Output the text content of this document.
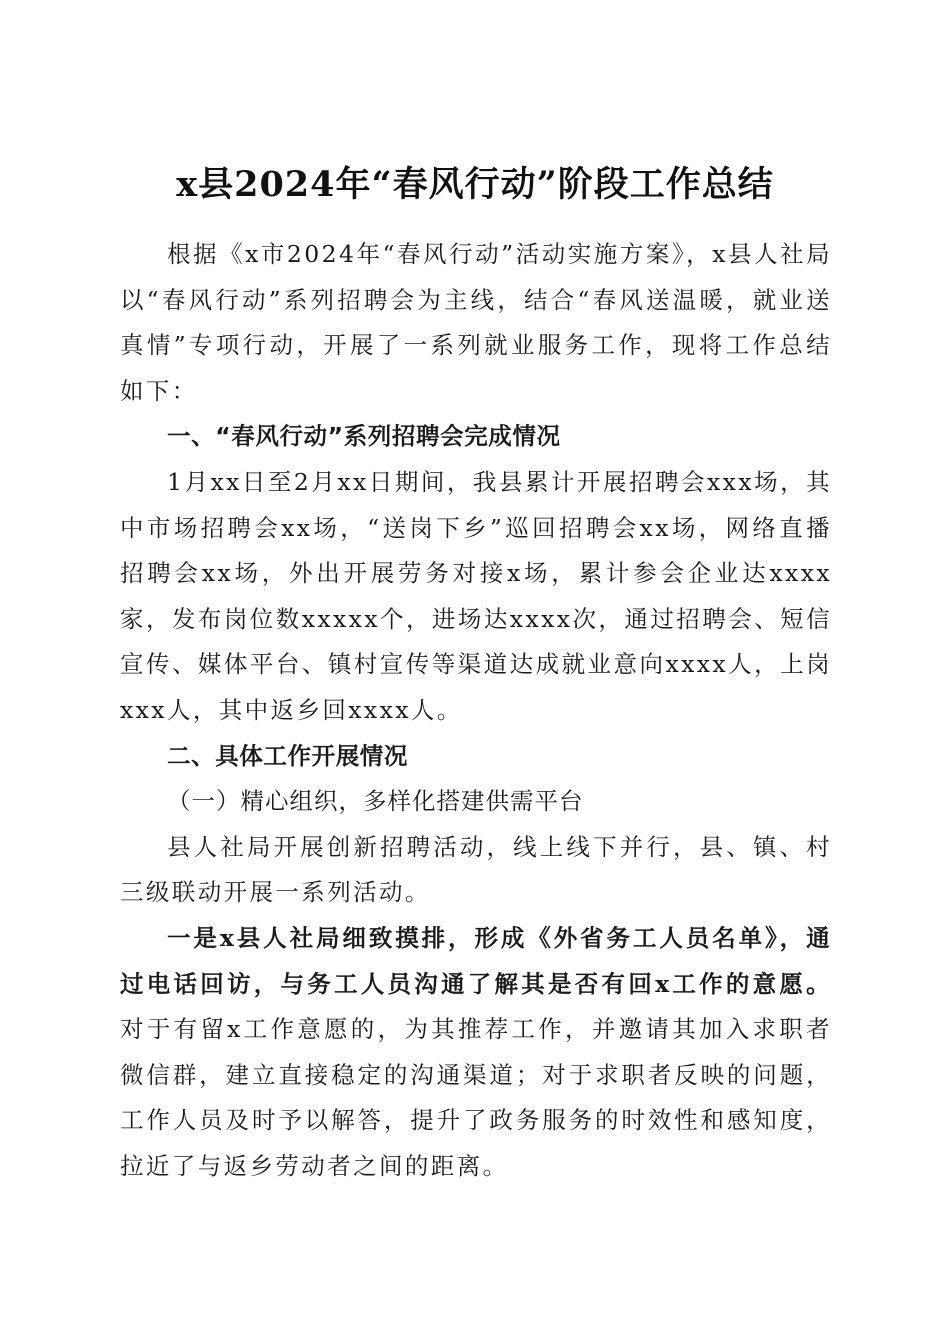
x县2024年“春风行动”阶段工作总结

根据《x市2024年“春风行动”活动实施方案》，x县人社局以“春风行动”系列招聘会为主线，结合“春风送温暖，就业送真情”专项行动，开展了一系列就业服务工作，现将工作总结如下：

一、“春风行动”系列招聘会完成情况

1月xx日至2月xx日期间，我县累计开展招聘会xxx场，其中市场招聘会xx场，“送岗下乡”巡回招聘会xx场，网络直播招聘会xx场，外出开展劳务对接x场，累计参会企业达xxxx家，发布岗位数xxxxx个，进场达xxxx次，通过招聘会、短信宣传、媒体平台、镇村宣传等渠道达成就业意向xxxx人，上岗xxx人，其中返乡回xxxx人。

二、具体工作开展情况

（一）精心组织，多样化搭建供需平台

县人社局开展创新招聘活动，线上线下并行，县、镇、村三级联动开展一系列活动。

一是x县人社局细致摸排，形成《外省务工人员名单》，通过电话回访，与务工人员沟通了解其是否有回x工作的意愿。对于有留x工作意愿的，为其推荐工作，并邀请其加入求职者微信群，建立直接稳定的沟通渠道；对于求职者反映的问题，工作人员及时予以解答，提升了政务服务的时效性和感知度，拉近了与返乡劳动者之间的距离。
